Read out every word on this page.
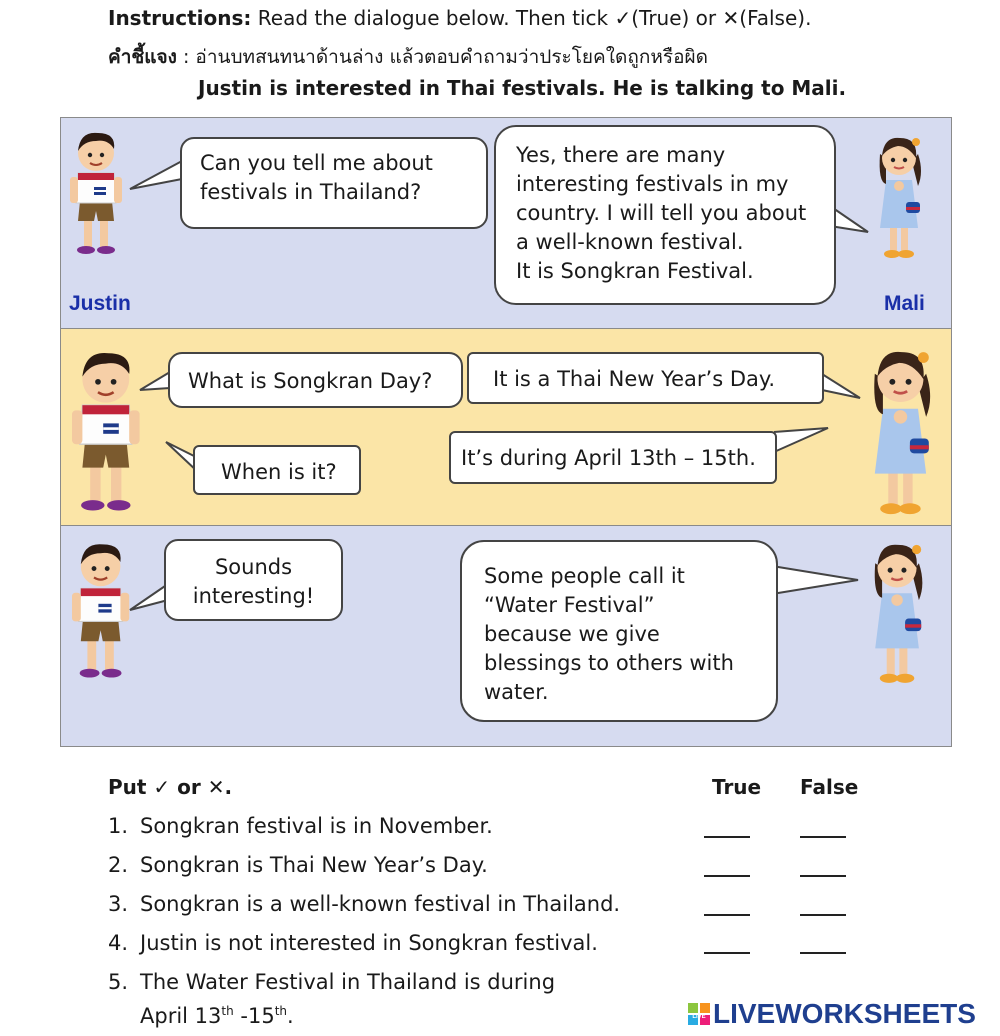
Instructions: Read the dialogue below. Then tick ✓(True) or ✕(False).
คำชี้แจง : อ่านบทสนทนาด้านล่าง แล้วตอบคำถามว่าประโยคใดถูกหรือผิด
Justin is interested in Thai festivals. He is talking to Mali.
Justin	Mali
Can you tell me about
festivals in Thailand?
Yes, there are many
interesting festivals in my
country. I will tell you about
a well-known festival.
It is Songkran Festival.
What is Songkran Day?	It is a Thai New Year’s Day.
When is it?
It’s during April 13th – 15th.
Sounds
interesting!
Some people call it
“Water Festival”
because we give
blessings to others with
water.
Put ✓ or ✕.	True False
1. Songkran festival is in November.
2. Songkran is Thai New Year’s Day.
3. Songkran is a well-known festival in Thailand.
4. Justin is not interested in Songkran festival.
5. The Water Festival in Thailand is during
April 13th -15th.	LIVE LIVEWORKSHEETS
